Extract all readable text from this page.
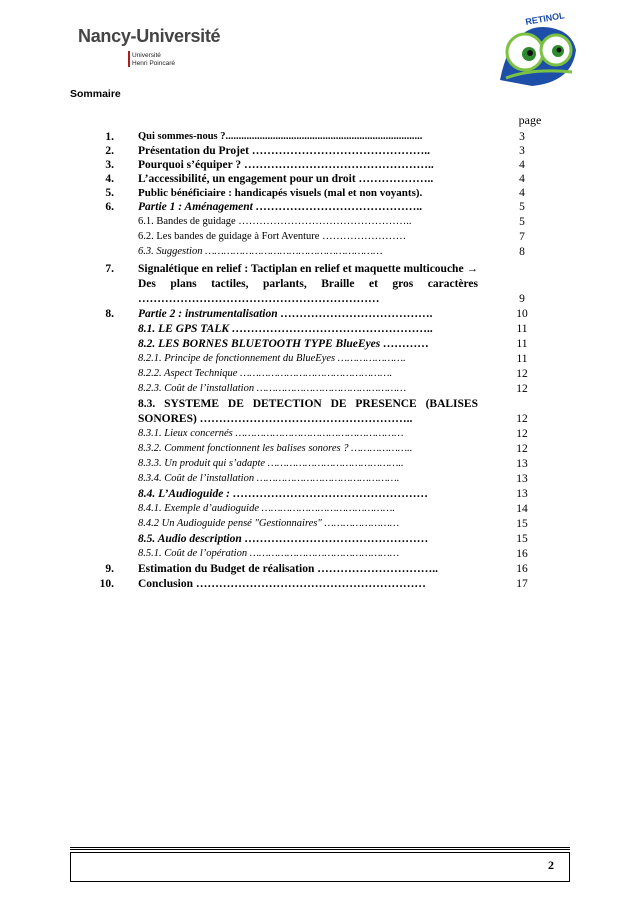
Nancy-Université
Université
Henri Poincaré
RETINOL
Sommaire
page
1. Qui sommes-nous ?...........................................................................	3
2. Présentation du Projet ………………………………………..	3
3. Pourquoi s’équiper ? …………………………………………..	4
4. L’accessibilité, un engagement pour un droit ………………..	4
5. Public bénéficiaire : handicapés visuels (mal et non voyants).	4
6. Partie 1 : Aménagement ……………………………………..	5
6.1. Bandes de guidage …………………………………………..	5
6.2. Les bandes de guidage à Fort Aventure ……………………	7
6.3. Suggestion …………………………………………………	8
7. Signalétique en relief : Tactiplan en relief et maquette multicouche → Des plans tactiles, parlants, Braille et gros caractères ………………………………………………………	9
8. Partie 2 : instrumentalisation ………………………………….	10
8.1. LE GPS TALK ……………………………………………..	11
8.2. LES BORNES BLUETOOTH TYPE BlueEyes …………	11
8.2.1. Principe de fonctionnement du BlueEyes ………………….	11
8.2.2. Aspect Technique ………………………………………….	12
8.2.3. Coût de l’installation …………………………………………	12
8.3. SYSTEME DE DETECTION DE PRESENCE (BALISES SONORES) ………………………………………………..	12
8.3.1. Lieux concernés ………………………………………………	12
8.3.2. Comment fonctionnent les balises sonores ? ………………..	12
8.3.3. Un produit qui s’adapte ……………………………………..	13
8.3.4. Coût de l’installation ……………………………………….	13
8.4. L’Audioguide : ……………………………………………	13
8.4.1. Exemple d’audioguide …………………………………….	14
8.4.2 Un Audioguide pensé "Gestionnaires" ……………………	15
8.5. Audio description …………………………………………	15
8.5.1. Coût de l’opération …………………………………………	16
9. Estimation du Budget de réalisation …………………………..	16
10. Conclusion ……………………………………………………	17
2
